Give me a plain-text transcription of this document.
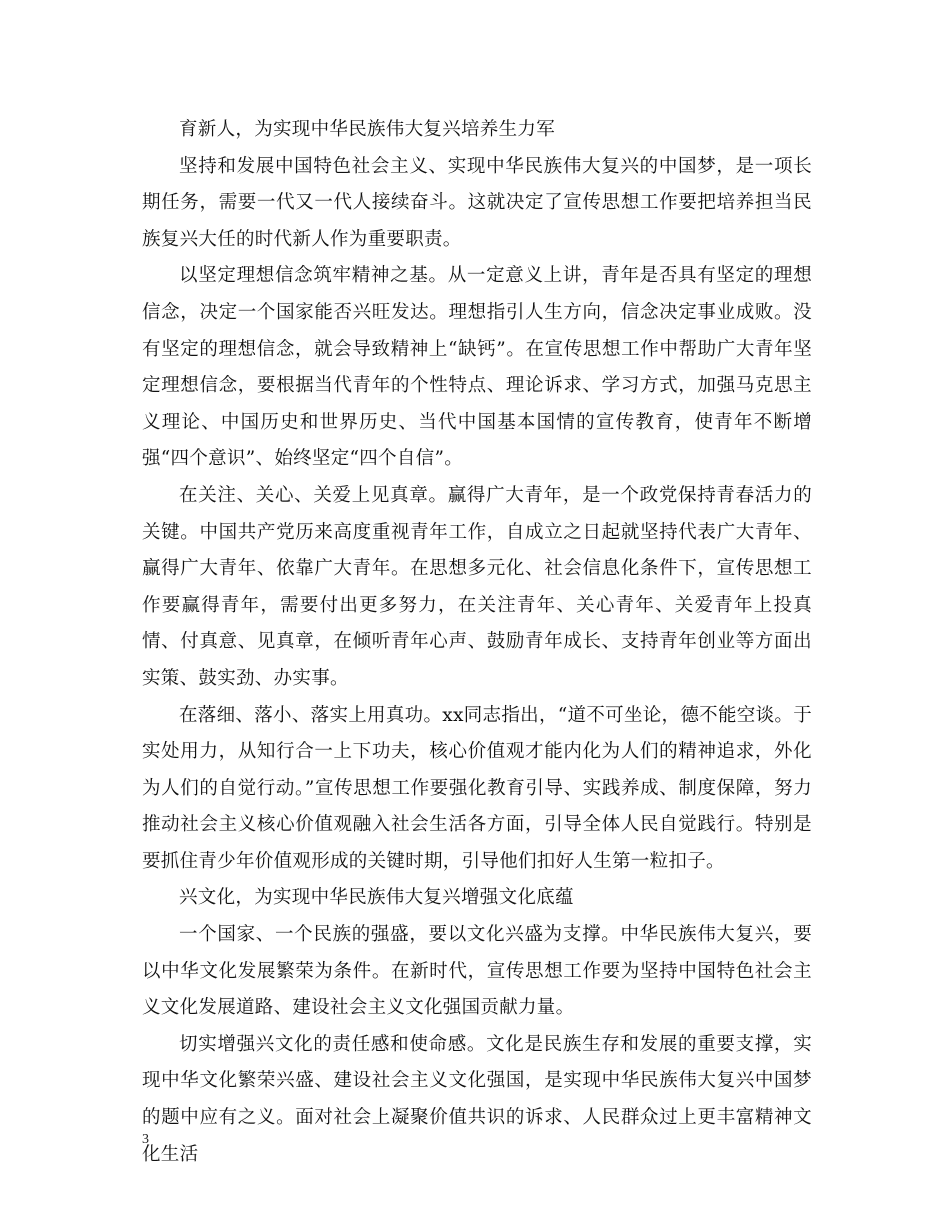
育新人，为实现中华民族伟大复兴培养生力军

坚持和发展中国特色社会主义、实现中华民族伟大复兴的中国梦，是一项长期任务，需要一代又一代人接续奋斗。这就决定了宣传思想工作要把培养担当民族复兴大任的时代新人作为重要职责。

以坚定理想信念筑牢精神之基。从一定意义上讲，青年是否具有坚定的理想信念，决定一个国家能否兴旺发达。理想指引人生方向，信念决定事业成败。没有坚定的理想信念，就会导致精神上“缺钙”。在宣传思想工作中帮助广大青年坚定理想信念，要根据当代青年的个性特点、理论诉求、学习方式，加强马克思主义理论、中国历史和世界历史、当代中国基本国情的宣传教育，使青年不断增强“四个意识”、始终坚定“四个自信”。

在关注、关心、关爱上见真章。赢得广大青年，是一个政党保持青春活力的关键。中国共产党历来高度重视青年工作，自成立之日起就坚持代表广大青年、赢得广大青年、依靠广大青年。在思想多元化、社会信息化条件下，宣传思想工作要赢得青年，需要付出更多努力，在关注青年、关心青年、关爱青年上投真情、付真意、见真章，在倾听青年心声、鼓励青年成长、支持青年创业等方面出实策、鼓实劲、办实事。

在落细、落小、落实上用真功。xx同志指出，“道不可坐论，德不能空谈。于实处用力，从知行合一上下功夫，核心价值观才能内化为人们的精神追求，外化为人们的自觉行动。”宣传思想工作要强化教育引导、实践养成、制度保障，努力推动社会主义核心价值观融入社会生活各方面，引导全体人民自觉践行。特别是要抓住青少年价值观形成的关键时期，引导他们扣好人生第一粒扣子。

兴文化，为实现中华民族伟大复兴增强文化底蕴

一个国家、一个民族的强盛，要以文化兴盛为支撑。中华民族伟大复兴，要以中华文化发展繁荣为条件。在新时代，宣传思想工作要为坚持中国特色社会主义文化发展道路、建设社会主义文化强国贡献力量。

切实增强兴文化的责任感和使命感。文化是民族生存和发展的重要支撑，实现中华文化繁荣兴盛、建设社会主义文化强国，是实现中华民族伟大复兴中国梦的题中应有之义。面对社会上凝聚价值共识的诉求、人民群众过上更丰富精神文化生活

3
